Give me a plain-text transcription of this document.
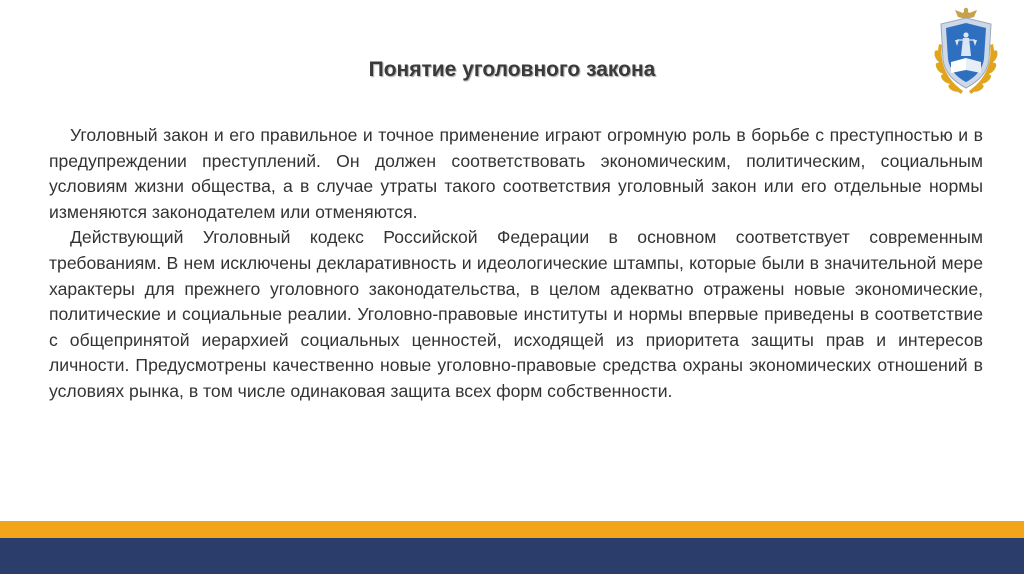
Понятие уголовного закона

Уголовный закон и его правильное и точное применение играют огромную роль в борьбе с преступностью и в предупреждении преступлений. Он должен соответствовать экономическим, политическим, социальным условиям жизни общества, а в случае утраты такого соответствия уголовный закон или его отдельные нормы изменяются законодателем или отменяются.

Действующий Уголовный кодекс Российской Федерации в основном соответствует современным требованиям. В нем исключены декларативность и идеологические штампы, которые были в значительной мере характеры для прежнего уголовного законодательства, в целом адекватно отражены новые экономические, политические и социальные реалии. Уголовно-правовые институты и нормы впервые приведены в соответствие с общепринятой иерархией социальных ценностей, исходящей из приоритета защиты прав и интересов личности. Предусмотрены качественно новые уголовно-правовые средства охраны экономических отношений в условиях рынка, в том числе одинаковая защита всех форм собственности.
